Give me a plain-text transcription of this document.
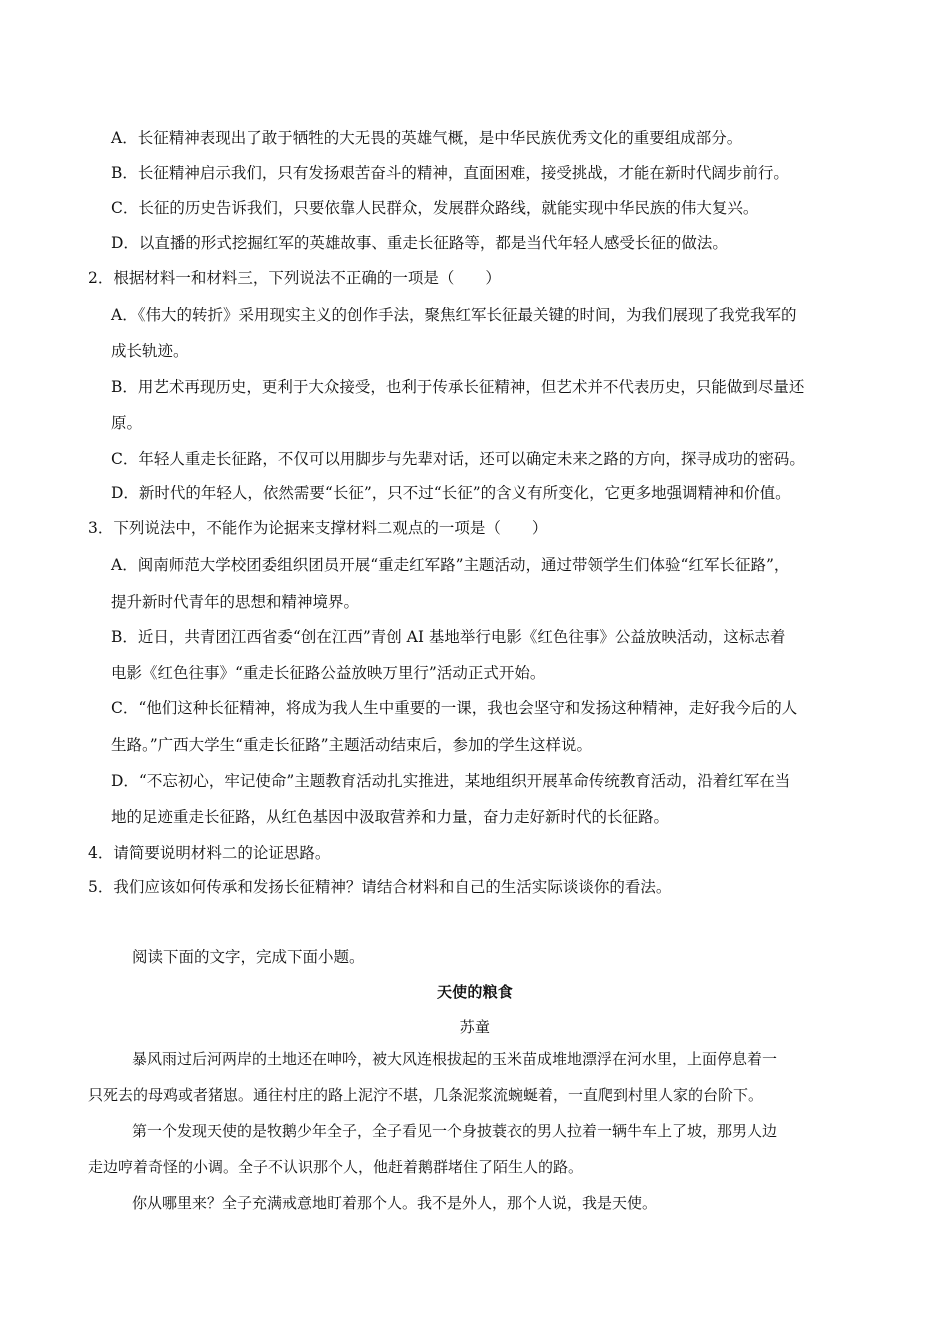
A．长征精神表现出了敢于牺牲的大无畏的英雄气概，是中华民族优秀文化的重要组成部分。
B．长征精神启示我们，只有发扬艰苦奋斗的精神，直面困难，接受挑战，才能在新时代阔步前行。
C．长征的历史告诉我们，只要依靠人民群众，发展群众路线，就能实现中华民族的伟大复兴。
D．以直播的形式挖掘红军的英雄故事、重走长征路等，都是当代年轻人感受长征的做法。
2．根据材料一和材料三，下列说法不正确的一项是（　　）
A．《伟大的转折》采用现实主义的创作手法，聚焦红军长征最关键的时间，为我们展现了我党我军的
成长轨迹。
B．用艺术再现历史，更利于大众接受，也利于传承长征精神，但艺术并不代表历史，只能做到尽量还
原。
C．年轻人重走长征路，不仅可以用脚步与先辈对话，还可以确定未来之路的方向，探寻成功的密码。
D．新时代的年轻人，依然需要“长征”，只不过“长征”的含义有所变化，它更多地强调精神和价值。
3．下列说法中，不能作为论据来支撑材料二观点的一项是（　　）
A．闽南师范大学校团委组织团员开展“重走红军路”主题活动，通过带领学生们体验“红军长征路”，
提升新时代青年的思想和精神境界。
B．近日，共青团江西省委“创在江西”青创 AI 基地举行电影《红色往事》公益放映活动，这标志着
电影《红色往事》“重走长征路公益放映万里行”活动正式开始。
C．“他们这种长征精神，将成为我人生中重要的一课，我也会坚守和发扬这种精神，走好我今后的人
生路。”广西大学生“重走长征路”主题活动结束后，参加的学生这样说。
D．“不忘初心，牢记使命”主题教育活动扎实推进，某地组织开展革命传统教育活动，沿着红军在当
地的足迹重走长征路，从红色基因中汲取营养和力量，奋力走好新时代的长征路。
4．请简要说明材料二的论证思路。
5．我们应该如何传承和发扬长征精神？请结合材料和自己的生活实际谈谈你的看法。
阅读下面的文字，完成下面小题。
天使的粮食
苏童
暴风雨过后河两岸的土地还在呻吟，被大风连根拔起的玉米苗成堆地漂浮在河水里，上面停息着一
只死去的母鸡或者猪崽。通往村庄的路上泥泞不堪，几条泥浆流蜿蜒着，一直爬到村里人家的台阶下。
第一个发现天使的是牧鹅少年全子，全子看见一个身披蓑衣的男人拉着一辆牛车上了坡，那男人边
走边哼着奇怪的小调。全子不认识那个人，他赶着鹅群堵住了陌生人的路。
你从哪里来？全子充满戒意地盯着那个人。我不是外人，那个人说，我是天使。
